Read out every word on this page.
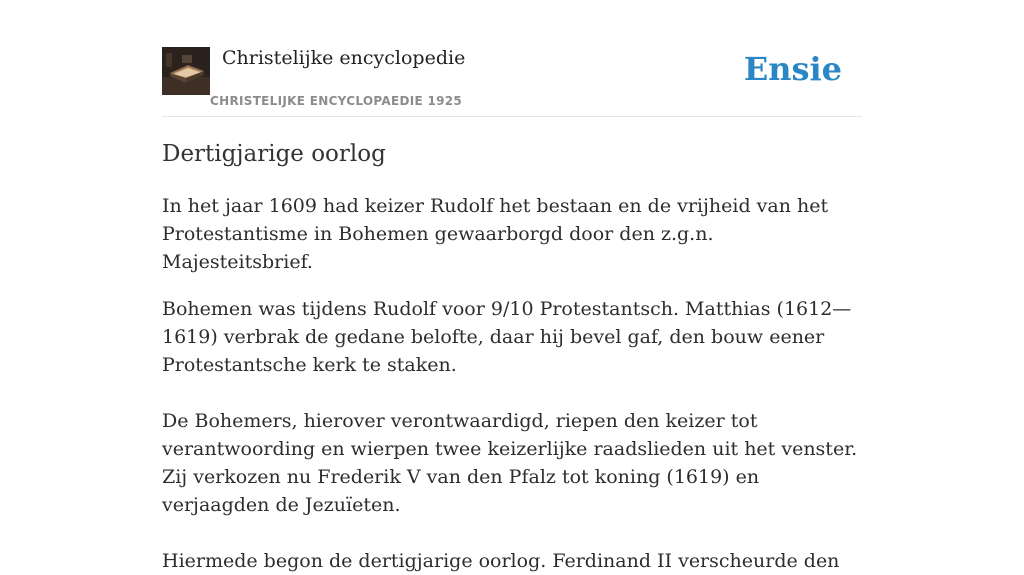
Christelijke encyclopedie
CHRISTELIJKE ENCYCLOPAEDIE 1925
Ensie
Dertigjarige oorlog

In het jaar 1609 had keizer Rudolf het bestaan en de vrijheid van het Protestantisme in Bohemen gewaarborgd door den z.g.n. Majesteitsbrief.

Bohemen was tijdens Rudolf voor 9/10 Protestantsch. Matthias (1612—1619) verbrak de gedane belofte, daar hij bevel gaf, den bouw eener Protestantsche kerk te staken.

De Bohemers, hierover verontwaardigd, riepen den keizer tot verantwoording en wierpen twee keizerlijke raadslieden uit het venster. Zij verkozen nu Frederik V van den Pfalz tot koning (1619) en verjaagden de Jezuïeten.

Hiermede begon de dertigjarige oorlog. Ferdinand II verscheurde den
